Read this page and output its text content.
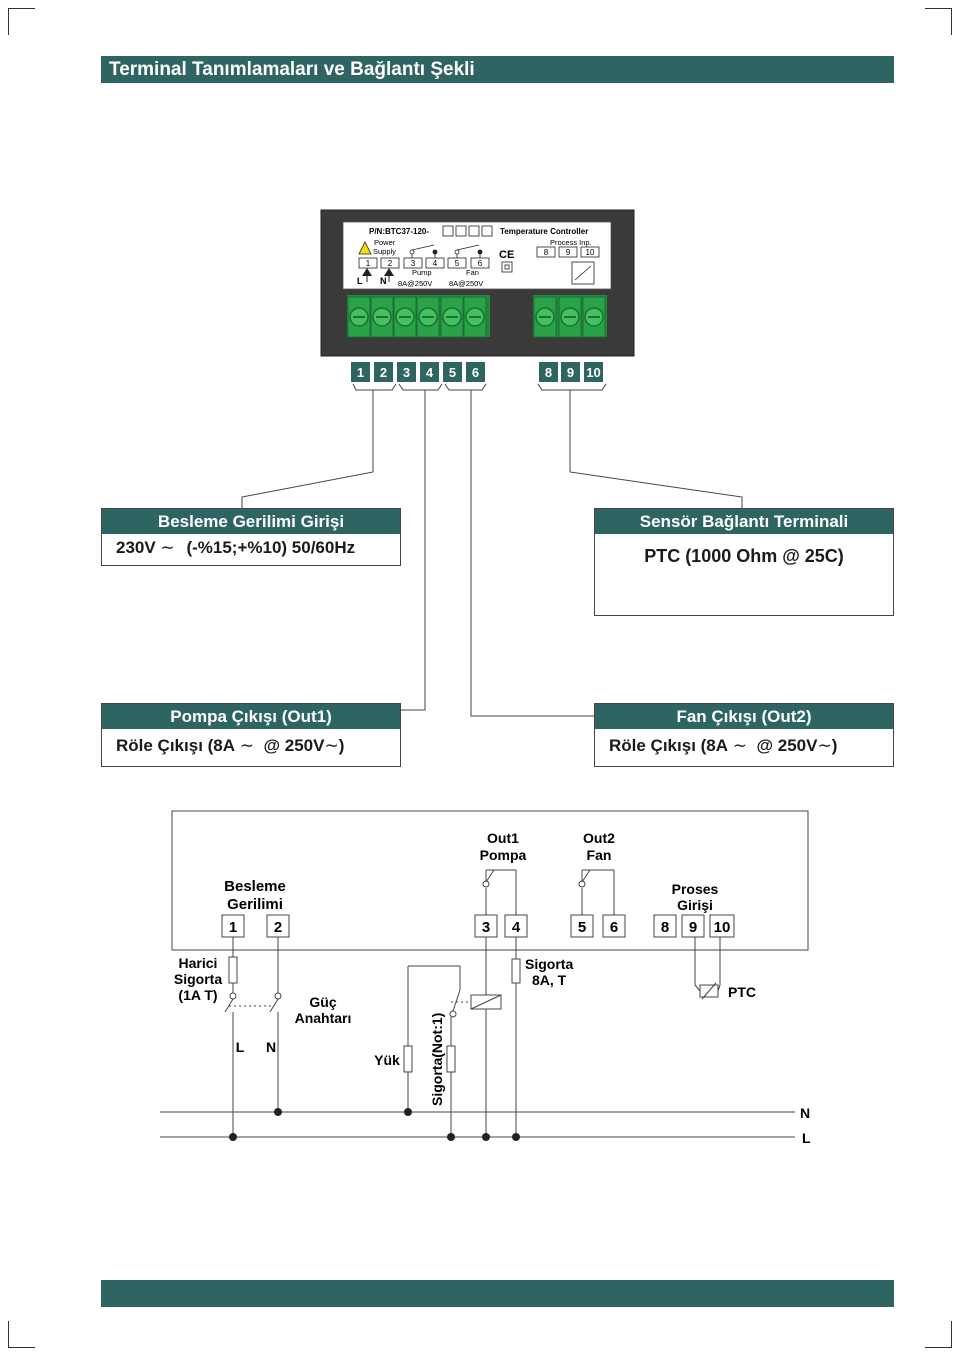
Terminal Tanımlamaları ve Bağlantı Şekli
P/N:BTC37-120-	Temperature Controller
Power
Supply
Process Inp.
CE
1 2 3 4 5 6
8 9 10
L N
Pump	Fan
8A@250V 8A@250V
1 2 3 4 5 6	8 9 10
Out1
Pompa
Out2
Fan
Besleme
Gerilimi
Proses
Girişi
1 2	3 4	5 6	8 9 10
Harici
Sigorta
(1A T)	Güç
Anahtarı
L N
Yük Sigorta(Not:1)
Sigorta
8A, T
PTC
N
L
Besleme Gerilimi Girişi
230V ∼ (-%15;+%10) 50/60Hz
Sensör Bağlantı Terminali
PTC (1000 Ohm @ 25C)
Pompa Çıkışı (Out1)
Röle Çıkışı (8A ∼  @ 250V∼)
Fan Çıkışı (Out2)
Röle Çıkışı (8A ∼  @ 250V∼)
